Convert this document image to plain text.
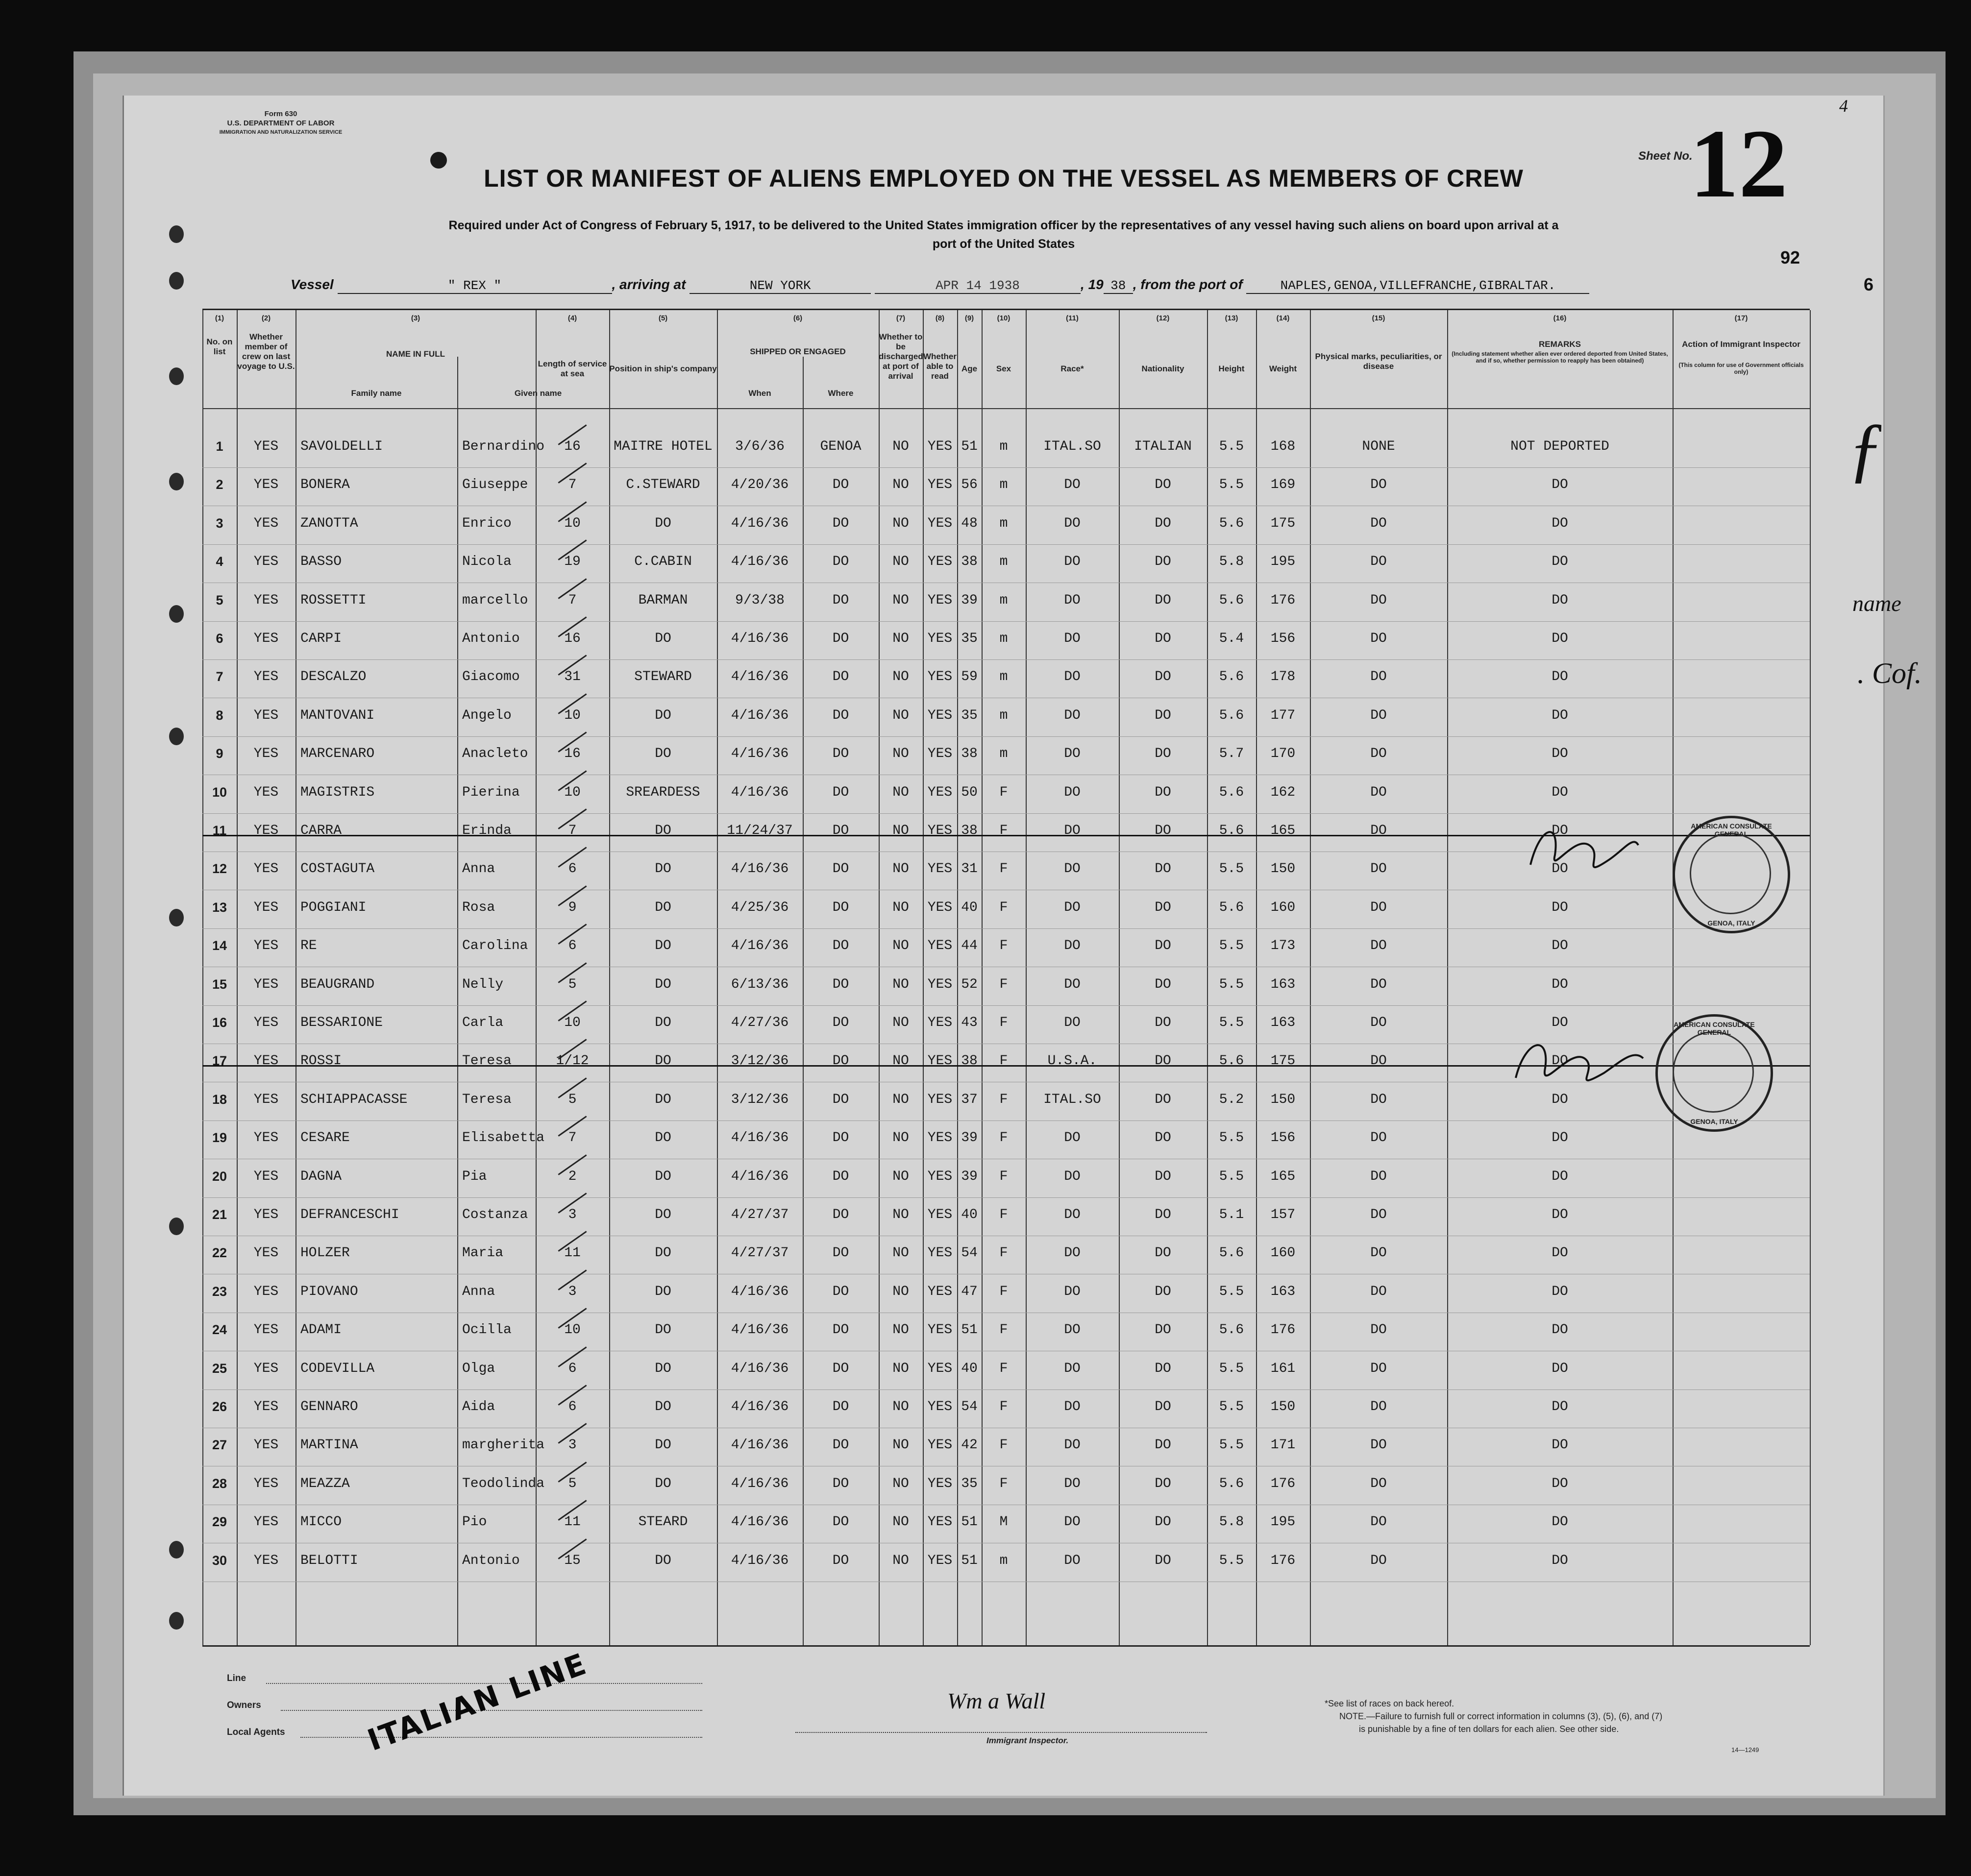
Form 630
U.S. DEPARTMENT OF LABOR
IMMIGRATION AND NATURALIZATION SERVICE
LIST OR MANIFEST OF ALIENS EMPLOYED ON THE VESSEL AS MEMBERS OF CREW
Required under Act of Congress of February 5, 1917, to be delivered to the United States immigration officer by the representatives of any vessel having such aliens on board upon arrival at a
port of the United States
Sheet No.
12
92
6
4
Vessel	" REX "	, arriving at	NEW YORK	APR 14 1938	, 19 38 , from the port of	NAPLES,GENOA,VILLEFRANCHE,GIBRALTAR.
(1)	(2)	(3)	(4)	(5)	(6)	(7)	(8)	(9)	(10)	(11)	(12)	(13)	(14)	(15)	(16)	(17)
No. on list
Whether member of crew on last voyage to U.S.
NAME IN FULL
Family name	Given name
Length of service at sea
Position in ship's company
SHIPPED OR ENGAGED
When	Where
Whether to be discharged at port of arrival
Whether able to read
Age	Sex	Race*	Nationality	Height	Weight
Physical marks, peculiarities, or disease
REMARKS
(Including statement whether alien ever ordered deported from United States, and if so, whether permission to reapply has been obtained)
Action of Immigrant Inspector
(This column for use of Government officials only)
1	YES	SAVOLDELLI	Bernardino	16	MAITRE HOTEL	3/6/36	GENOA	NO	YES 51	m	ITAL.SO	ITALIAN	5.5	168	NONE	NOT DEPORTED
2	YES	BONERA	Giuseppe	7	C.STEWARD	4/20/36	DO	NO	YES 56	m	DO	DO	5.5	169	DO	DO
3	YES	ZANOTTA	Enrico	10	DO	4/16/36	DO	NO	YES 48	m	DO	DO	5.6	175	DO	DO
4	YES	BASSO	Nicola	19	C.CABIN	4/16/36	DO	NO	YES 38	m	DO	DO	5.8	195	DO	DO
5	YES	ROSSETTI	marcello	7	BARMAN	9/3/38	DO	NO	YES 39	m	DO	DO	5.6	176	DO	DO
6	YES	CARPI	Antonio	16	DO	4/16/36	DO	NO	YES 35	m	DO	DO	5.4	156	DO	DO
7	YES	DESCALZO	Giacomo	31	STEWARD	4/16/36	DO	NO	YES 59	m	DO	DO	5.6	178	DO	DO
8	YES	MANTOVANI	Angelo	10	DO	4/16/36	DO	NO	YES 35	m	DO	DO	5.6	177	DO	DO
9	YES	MARCENARO	Anacleto	16	DO	4/16/36	DO	NO	YES 38	m	DO	DO	5.7	170	DO	DO
10	YES	MAGISTRIS	Pierina	10	SREARDESS	4/16/36	DO	NO	YES 50	F	DO	DO	5.6	162	DO	DO
11	YES	CARRA	Erinda	7	DO	11/24/37	DO	NO	YES 38	F	DO	DO	5.6	165	DO	DO
12	YES	COSTAGUTA	Anna	6	DO	4/16/36	DO	NO	YES 31	F	DO	DO	5.5	150	DO	DO
13	YES	POGGIANI	Rosa	9	DO	4/25/36	DO	NO	YES 40	F	DO	DO	5.6	160	DO	DO
14	YES	RE	Carolina	6	DO	4/16/36	DO	NO	YES 44	F	DO	DO	5.5	173	DO	DO
15	YES	BEAUGRAND	Nelly	5	DO	6/13/36	DO	NO	YES 52	F	DO	DO	5.5	163	DO	DO
16	YES	BESSARIONE	Carla	10	DO	4/27/36	DO	NO	YES 43	F	DO	DO	5.5	163	DO	DO
17	YES	ROSSI	Teresa	1/12	DO	3/12/36	DO	NO	YES 38	F	U.S.A.	DO	5.6	175	DO	DO
18	YES	SCHIAPPACASSE	Teresa	5	DO	3/12/36	DO	NO	YES 37	F	ITAL.SO	DO	5.2	150	DO	DO
19	YES	CESARE	Elisabetta	7	DO	4/16/36	DO	NO	YES 39	F	DO	DO	5.5	156	DO	DO
20	YES	DAGNA	Pia	2	DO	4/16/36	DO	NO	YES 39	F	DO	DO	5.5	165	DO	DO
21	YES	DEFRANCESCHI	Costanza	3	DO	4/27/37	DO	NO	YES 40	F	DO	DO	5.1	157	DO	DO
22	YES	HOLZER	Maria	11	DO	4/27/37	DO	NO	YES 54	F	DO	DO	5.6	160	DO	DO
23	YES	PIOVANO	Anna	3	DO	4/16/36	DO	NO	YES 47	F	DO	DO	5.5	163	DO	DO
24	YES	ADAMI	Ocilla	10	DO	4/16/36	DO	NO	YES 51	F	DO	DO	5.6	176	DO	DO
25	YES	CODEVILLA	Olga	6	DO	4/16/36	DO	NO	YES 40	F	DO	DO	5.5	161	DO	DO
26	YES	GENNARO	Aida	6	DO	4/16/36	DO	NO	YES 54	F	DO	DO	5.5	150	DO	DO
27	YES	MARTINA	margherita	3	DO	4/16/36	DO	NO	YES 42	F	DO	DO	5.5	171	DO	DO
28	YES	MEAZZA	Teodolinda	5	DO	4/16/36	DO	NO	YES 35	F	DO	DO	5.6	176	DO	DO
29	YES	MICCO	Pio	11	STEARD	4/16/36	DO	NO	YES 51	M	DO	DO	5.8	195	DO	DO
30	YES	BELOTTI	Antonio	15	DO	4/16/36	DO	NO	YES 51	m	DO	DO	5.5	176	DO	DO
AMERICAN CONSULATE GENERAL
GENOA, ITALY
AMERICAN CONSULATE GENERAL
GENOA, ITALY
Line
Owners
Local Agents	ITALIAN LINE	Wm a Wall
Immigrant Inspector.
*See list of races on back hereof.
NOTE.—Failure to furnish full or correct information in columns (3), (5), (6), and (7)
is punishable by a fine of ten dollars for each alien. See other side.
14—1249
ƒ
name
. Cof.
